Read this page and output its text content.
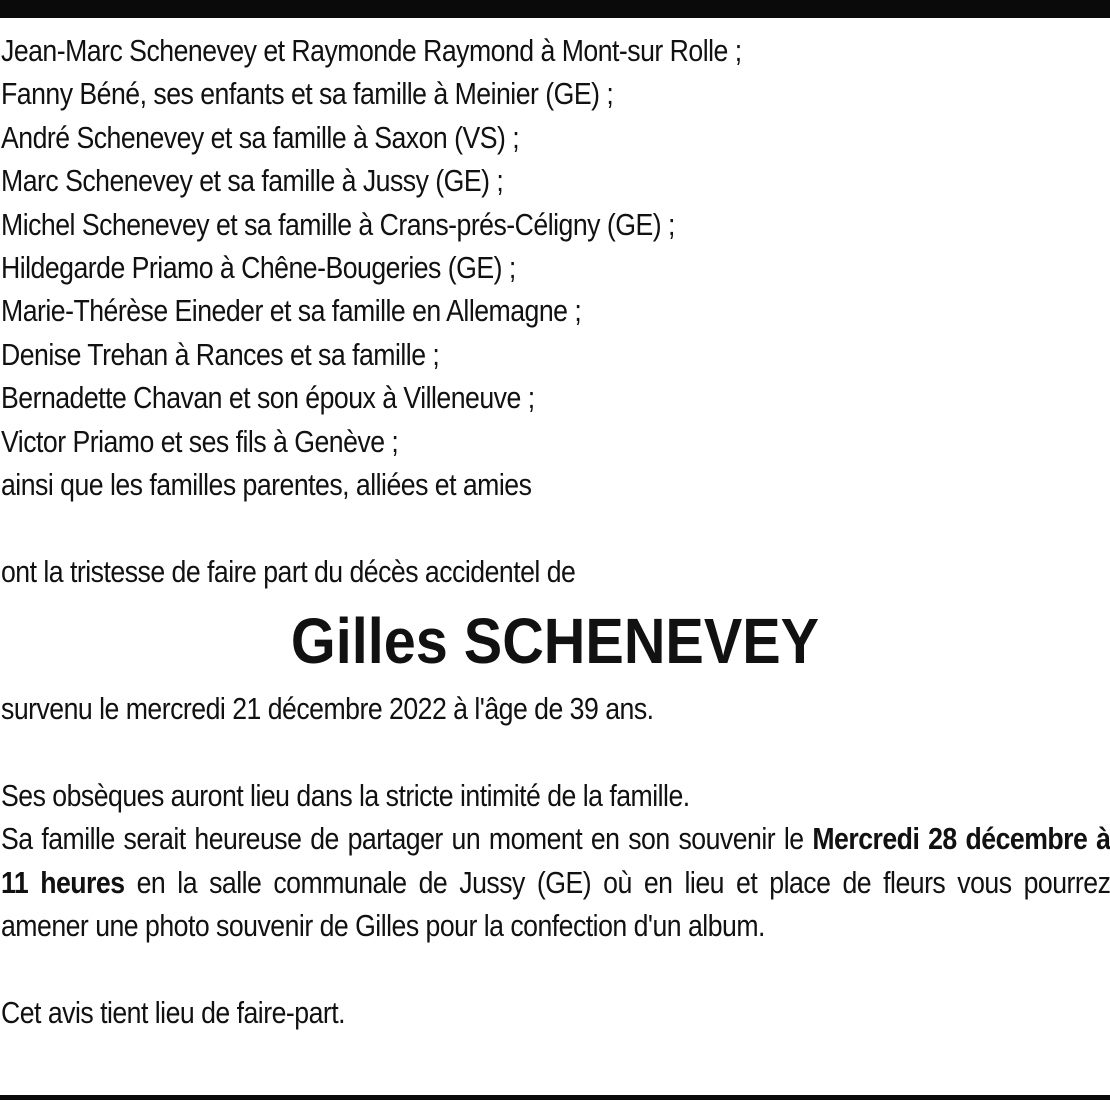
Jean-Marc Schenevey et Raymonde Raymond à Mont-sur Rolle ;
Fanny Béné, ses enfants et sa famille à Meinier (GE) ;
André Schenevey et sa famille à Saxon (VS) ;
Marc Schenevey et sa famille à Jussy (GE) ;
Michel Schenevey et sa famille à Crans-prés-Céligny (GE) ;
Hildegarde Priamo à Chêne-Bougeries (GE) ;
Marie-Thérèse Eineder et sa famille en Allemagne ;
Denise Trehan à Rances et sa famille ;
Bernadette Chavan et son époux à Villeneuve ;
Victor Priamo et ses fils à Genève ;
ainsi que les familles parentes, alliées et amies
ont la tristesse de faire part du décès accidentel de
Gilles SCHENEVEY
survenu le mercredi 21 décembre 2022 à l'âge de 39 ans.
Ses obsèques auront lieu dans la stricte intimité de la famille.
Sa famille serait heureuse de partager un moment en son souvenir le Mercredi 28 décembre à 11 heures en la salle communale de Jussy (GE) où en lieu et place de fleurs vous pourrez amener une photo souvenir de Gilles pour la confection d'un album.
Cet avis tient lieu de faire-part.
